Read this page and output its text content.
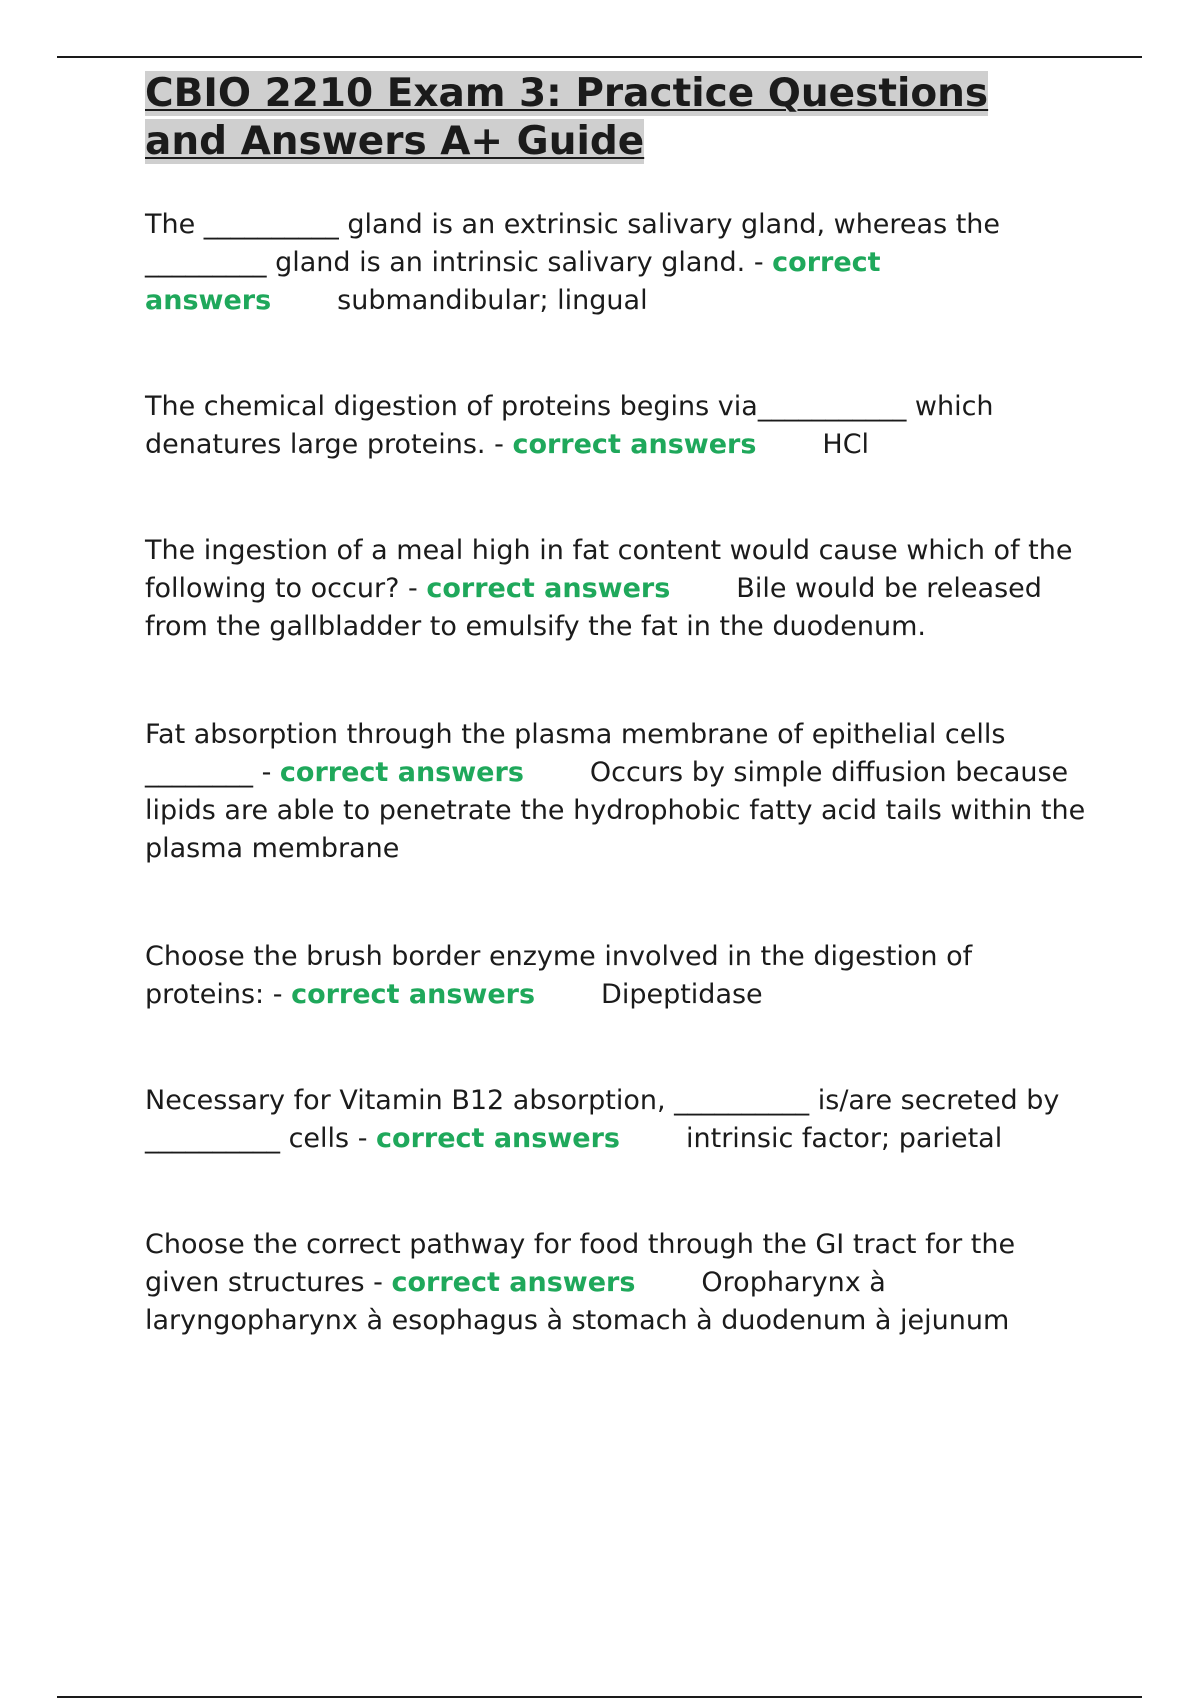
CBIO 2210 Exam 3: Practice Questions
and Answers A+ Guide

The __________ gland is an extrinsic salivary gland, whereas the _________ gland is an intrinsic salivary gland. - correct answers submandibular; lingual

The chemical digestion of proteins begins via___________ which denatures large proteins. - correct answers HCl

The ingestion of a meal high in fat content would cause which of the following to occur? - correct answers Bile would be released from the gallbladder to emulsify the fat in the duodenum.

Fat absorption through the plasma membrane of epithelial cells ________ - correct answers Occurs by simple diffusion because lipids are able to penetrate the hydrophobic fatty acid tails within the plasma membrane

Choose the brush border enzyme involved in the digestion of proteins: - correct answers Dipeptidase

Necessary for Vitamin B12 absorption, __________ is/are secreted by __________ cells - correct answers intrinsic factor; parietal

Choose the correct pathway for food through the GI tract for the given structures - correct answers Oropharynx à laryngopharynx à esophagus à stomach à duodenum à jejunum
